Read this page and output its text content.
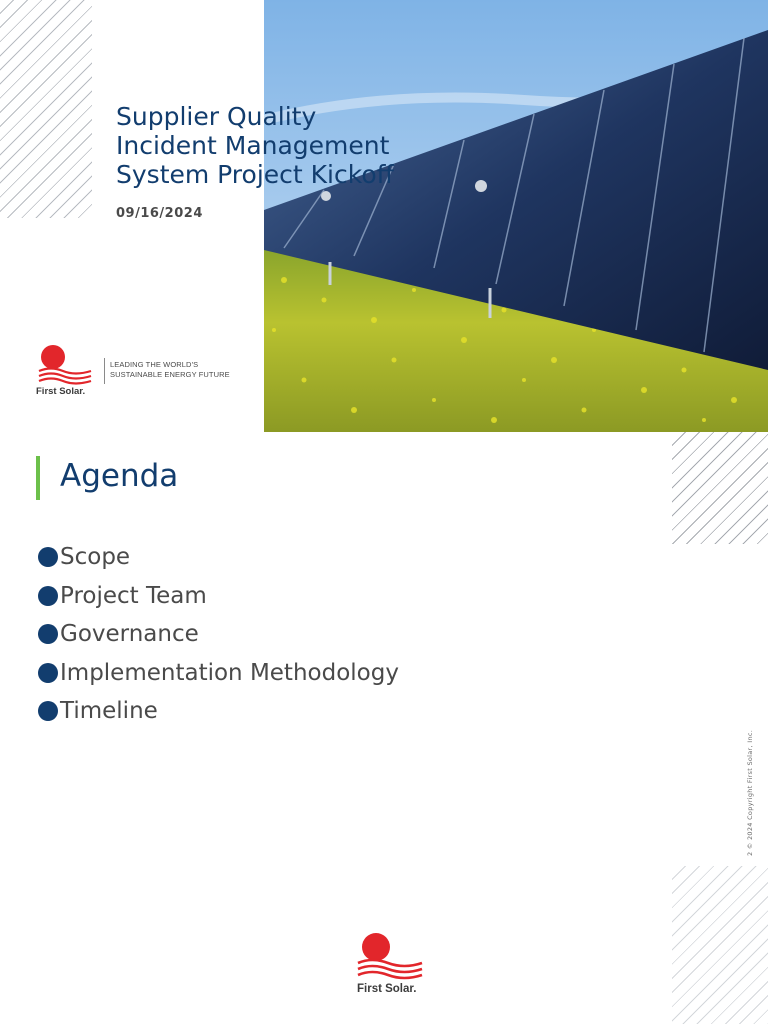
Supplier Quality
Incident Management
System Project Kickoff
09/16/2024
First Solar.
LEADING THE WORLD'S
SUSTAINABLE ENERGY FUTURE
Agenda
Scope
Project Team
Governance
Implementation Methodology
Timeline
2 © 2024 Copyright First Solar, Inc.
First Solar.
